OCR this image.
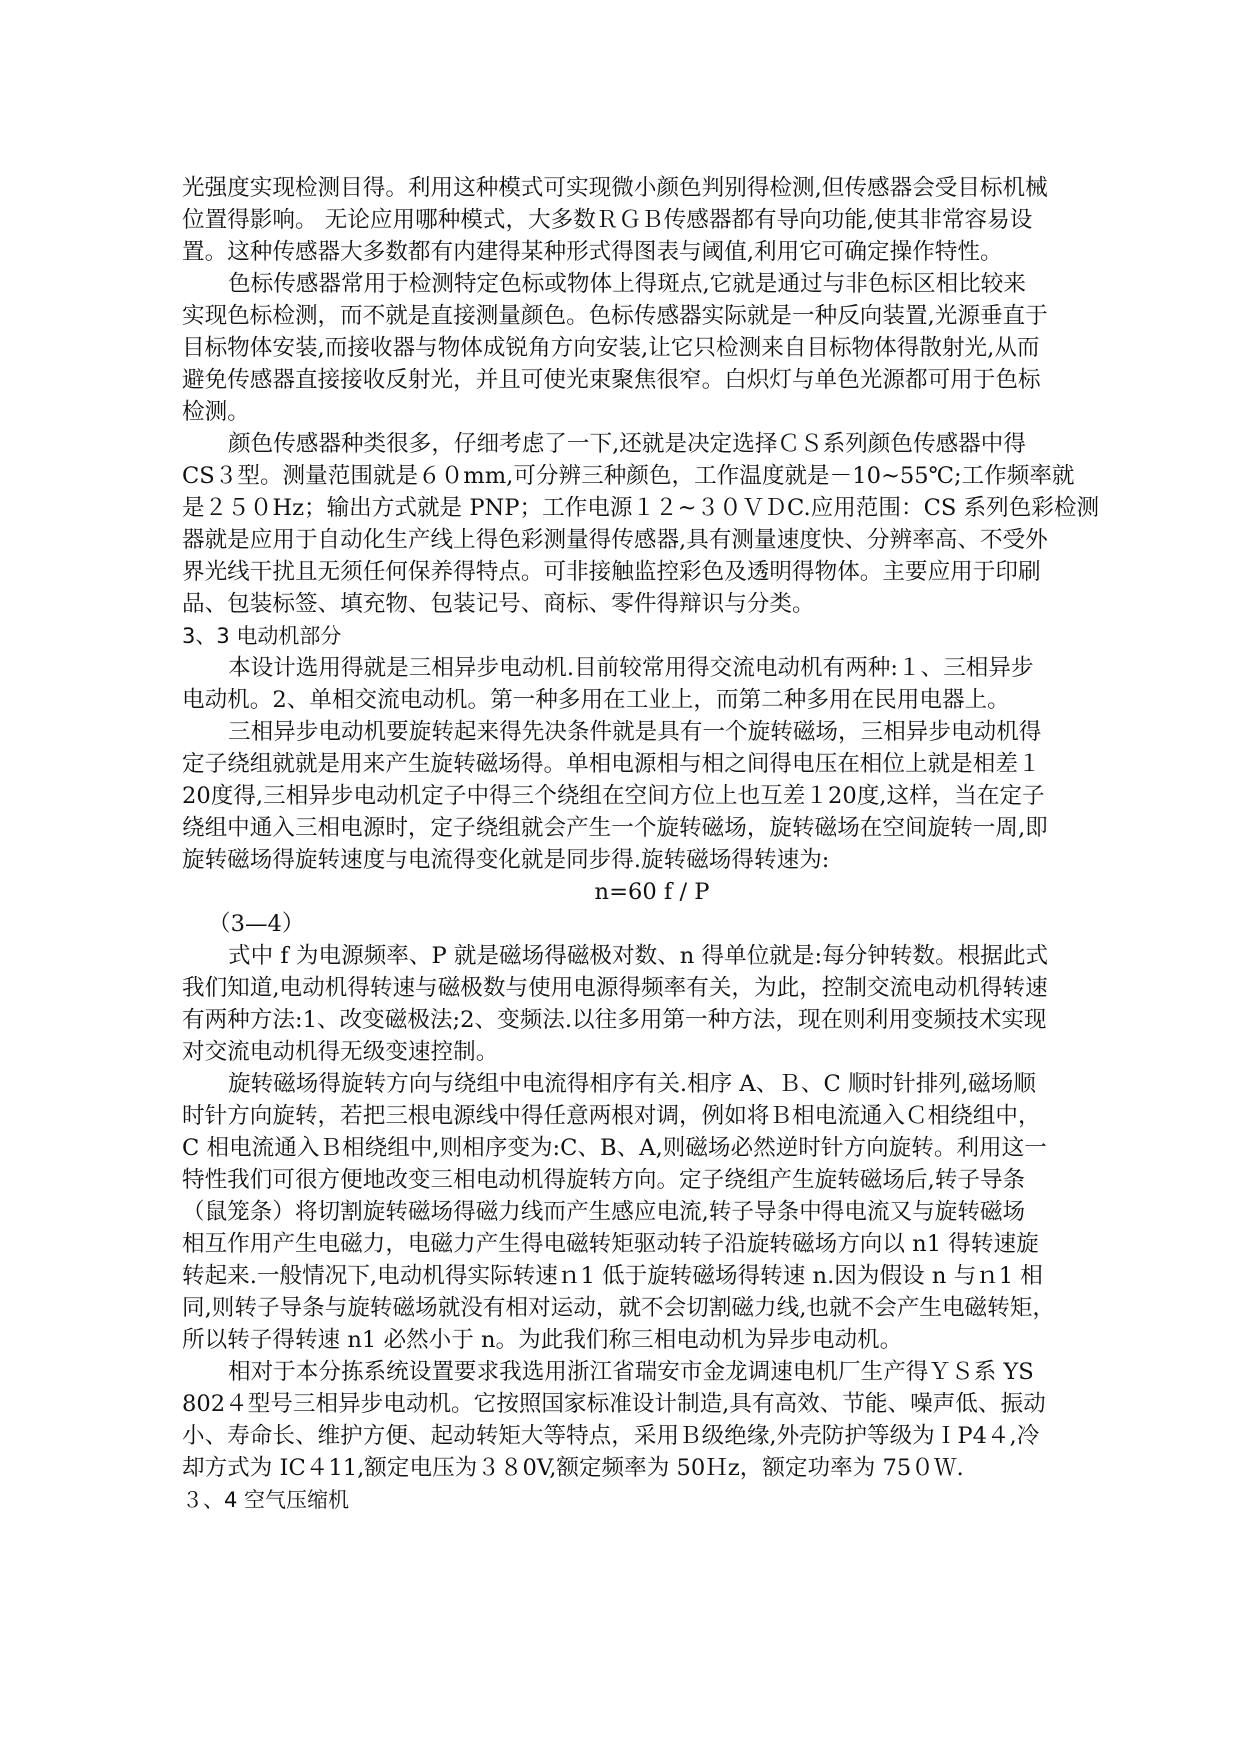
光强度实现检测目得。利用这种模式可实现微小颜色判别得检测,但传感器会受目标机械
位置得影响。 无论应用哪种模式，大多数ＲＧＢ传感器都有导向功能,使其非常容易设
置。这种传感器大多数都有内建得某种形式得图表与阈值,利用它可确定操作特性。
色标传感器常用于检测特定色标或物体上得斑点,它就是通过与非色标区相比较来
实现色标检测，而不就是直接测量颜色。色标传感器实际就是一种反向装置,光源垂直于
目标物体安装,而接收器与物体成锐角方向安装,让它只检测来自目标物体得散射光,从而
避免传感器直接接收反射光，并且可使光束聚焦很窄。白炽灯与单色光源都可用于色标
检测。
颜色传感器种类很多，仔细考虑了一下,还就是决定选择ＣＳ系列颜色传感器中得
CS３型。测量范围就是６０mm,可分辨三种颜色，工作温度就是－10~55℃;工作频率就
是２５０Hz；输出方式就是 PNP；工作电源１２~３０ＶＤC.应用范围：CS 系列色彩检测
器就是应用于自动化生产线上得色彩测量得传感器,具有测量速度快、分辨率高、不受外
界光线干扰且无须任何保养得特点。可非接触监控彩色及透明得物体。主要应用于印刷
品、包装标签、填充物、包装记号、商标、零件得辩识与分类。
3、3 电动机部分
本设计选用得就是三相异步电动机.目前较常用得交流电动机有两种:１、三相异步
电动机。2、单相交流电动机。第一种多用在工业上，而第二种多用在民用电器上。
三相异步电动机要旋转起来得先决条件就是具有一个旋转磁场，三相异步电动机得
定子绕组就就是用来产生旋转磁场得。单相电源相与相之间得电压在相位上就是相差１
20度得,三相异步电动机定子中得三个绕组在空间方位上也互差１20度,这样，当在定子
绕组中通入三相电源时，定子绕组就会产生一个旋转磁场，旋转磁场在空间旋转一周,即
旋转磁场得旋转速度与电流得变化就是同步得.旋转磁场得转速为:
n=60 f / P
（3—4）
式中 f 为电源频率、P 就是磁场得磁极对数、n 得单位就是:每分钟转数。根据此式
我们知道,电动机得转速与磁极数与使用电源得频率有关，为此，控制交流电动机得转速
有两种方法:1、改变磁极法;2、变频法.以往多用第一种方法，现在则利用变频技术实现
对交流电动机得无级变速控制。
旋转磁场得旋转方向与绕组中电流得相序有关.相序 A、Ｂ、C 顺时针排列,磁场顺
时针方向旋转，若把三根电源线中得任意两根对调，例如将Ｂ相电流通入Ｃ相绕组中，
C 相电流通入Ｂ相绕组中,则相序变为:C、B、A,则磁场必然逆时针方向旋转。利用这一
特性我们可很方便地改变三相电动机得旋转方向。定子绕组产生旋转磁场后,转子导条
（鼠笼条）将切割旋转磁场得磁力线而产生感应电流,转子导条中得电流又与旋转磁场
相互作用产生电磁力，电磁力产生得电磁转矩驱动转子沿旋转磁场方向以 n1 得转速旋
转起来.一般情况下,电动机得实际转速ｎ1 低于旋转磁场得转速 n.因为假设 n 与ｎ1 相
同,则转子导条与旋转磁场就没有相对运动，就不会切割磁力线,也就不会产生电磁转矩，
所以转子得转速 n1 必然小于 n。为此我们称三相电动机为异步电动机。
相对于本分拣系统设置要求我选用浙江省瑞安市金龙调速电机厂生产得ＹＳ系 YS
802４型号三相异步电动机。它按照国家标准设计制造,具有高效、节能、噪声低、振动
小、寿命长、维护方便、起动转矩大等特点，采用Ｂ级绝缘,外壳防护等级为ＩP4４,冷
却方式为 IC４11,额定电压为３８0V,额定频率为 50Ｈz，额定功率为 75０Ｗ.
３、4 空气压缩机
